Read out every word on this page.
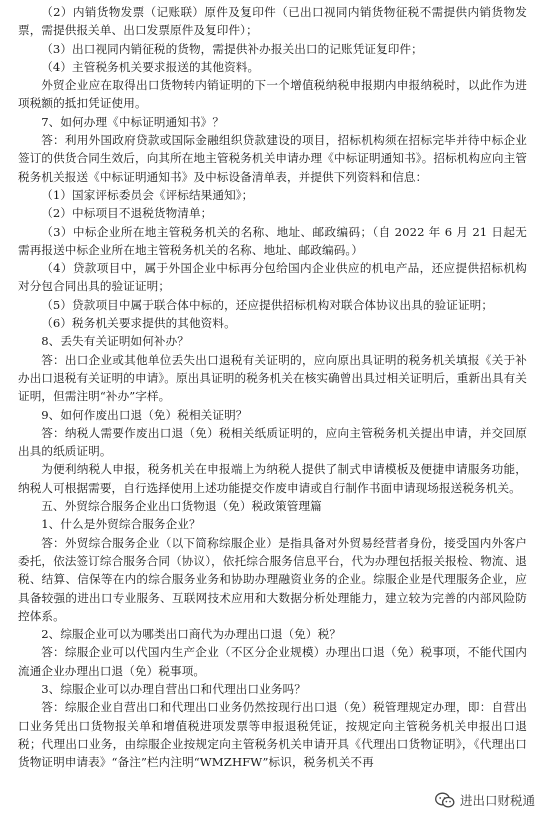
（2）内销货物发票（记账联）原件及复印件（已出口视同内销货物征税不需提供内销货物发票，需提供报关单、出口发票原件及复印件）；

（3）出口视同内销征税的货物，需提供补办报关出口的记账凭证复印件；

（4）主管税务机关要求报送的其他资料。

外贸企业应在取得出口货物转内销证明的下一个增值税纳税申报期内申报纳税时，以此作为进项税额的抵扣凭证使用。

7、如何办理《中标证明通知书》？

答：利用外国政府贷款或国际金融组织贷款建设的项目，招标机构须在招标完毕并待中标企业签订的供货合同生效后，向其所在地主管税务机关申请办理《中标证明通知书》。招标机构应向主管税务机关报送《中标证明通知书》及中标设备清单表，并提供下列资料和信息：

（1）国家评标委员会《评标结果通知》；

（2）中标项目不退税货物清单；

（3）中标企业所在地主管税务机关的名称、地址、邮政编码；（自 2022 年 6 月 21 日起无需再报送中标企业所在地主管税务机关的名称、地址、邮政编码。）

（4）贷款项目中，属于外国企业中标再分包给国内企业供应的机电产品，还应提供招标机构对分包合同出具的验证证明；

（5）贷款项目中属于联合体中标的，还应提供招标机构对联合体协议出具的验证证明；

（6）税务机关要求提供的其他资料。

8、丢失有关证明如何补办？

答：出口企业或其他单位丢失出口退税有关证明的，应向原出具证明的税务机关填报《关于补办出口退税有关证明的申请》。原出具证明的税务机关在核实确曾出具过相关证明后，重新出具有关证明，但需注明“补办”字样。

9、如何作废出口退（免）税相关证明？

答：纳税人需要作废出口退（免）税相关纸质证明的，应向主管税务机关提出申请，并交回原出具的纸质证明。

为便利纳税人申报，税务机关在申报端上为纳税人提供了制式申请模板及便捷申请服务功能，纳税人可根据需要，自行选择使用上述功能提交作废申请或自行制作书面申请现场报送税务机关。

五、外贸综合服务企业出口货物退（免）税政策管理篇

1、什么是外贸综合服务企业？

答：外贸综合服务企业（以下简称综服企业）是指具备对外贸易经营者身份，接受国内外客户委托，依法签订综合服务合同（协议），依托综合服务信息平台，代为办理包括报关报检、物流、退税、结算、信保等在内的综合服务业务和协助办理融资业务的企业。综服企业是代理服务企业，应具备较强的进出口专业服务、互联网技术应用和大数据分析处理能力，建立较为完善的内部风险防控体系。

2、综服企业可以为哪类出口商代为办理出口退（免）税？

答：综服企业可以代国内生产企业（不区分企业规模）办理出口退（免）税事项，不能代国内流通企业办理出口退（免）税事项。

3、综服企业可以办理自营出口和代理出口业务吗？

答：综服企业自营出口和代理出口业务仍然按现行出口退（免）税管理规定办理，即：自营出口业务凭出口货物报关单和增值税进项发票等申报退税凭证，按规定向主管税务机关申报出口退税；代理出口业务，由综服企业按规定向主管税务机关申请开具《代理出口货物证明》，《代理出口货物证明申请表》“备注”栏内注明“WMZHFW”标识，税务机关不再

进出口财税通
